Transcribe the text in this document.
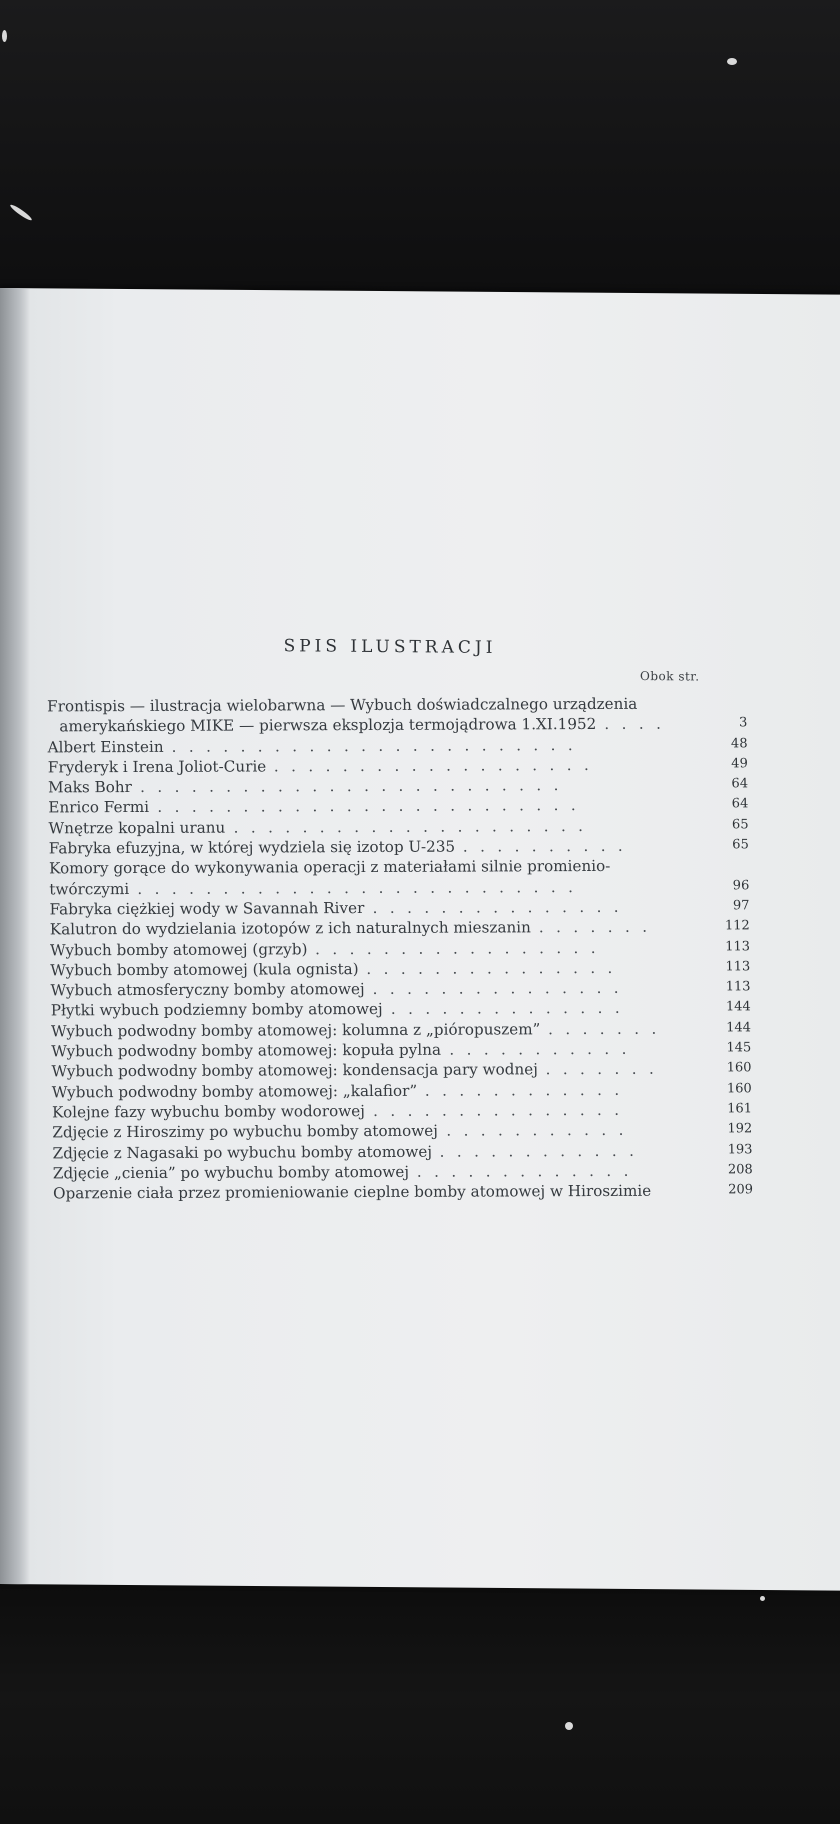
SPIS ILUSTRACJI
Obok str.
Frontispis — ilustracja wielobarwna — Wybuch doświadczalnego urządzenia
amerykańskiego MIKE — pierwsza eksplozja termojądrowa 1.XI.1952 ....	3
Albert Einstein ........................	48
Fryderyk i Irena Joliot-Curie ...................	49
Maks Bohr .........................	64
Enrico Fermi .........................	64
Wnętrze kopalni uranu .....................	65
Fabryka efuzyjna, w której wydziela się izotop U-235 ..........	65
Komory gorące do wykonywania operacji z materiałami silnie promienio-
twórczymi ..........................	96
Fabryka ciężkiej wody w Savannah River ...............	97
Kalutron do wydzielania izotopów z ich naturalnych mieszanin .......	112
Wybuch bomby atomowej (grzyb) .................	113
Wybuch bomby atomowej (kula ognista) ...............	113
Wybuch atmosferyczny bomby atomowej ...............	113
Płytki wybuch podziemny bomby atomowej ..............	144
Wybuch podwodny bomby atomowej: kolumna z „pióropuszem” .......	144
Wybuch podwodny bomby atomowej: kopuła pylna ...........	145
Wybuch podwodny bomby atomowej: kondensacja pary wodnej .......	160
Wybuch podwodny bomby atomowej: „kalafior” ............	160
Kolejne fazy wybuchu bomby wodorowej ...............	161
Zdjęcie z Hiroszimy po wybuchu bomby atomowej ...........	192
Zdjęcie z Nagasaki po wybuchu bomby atomowej ............	193
Zdjęcie „cienia” po wybuchu bomby atomowej .............	208
Oparzenie ciała przez promieniowanie cieplne bomby atomowej w Hiroszimie	209
